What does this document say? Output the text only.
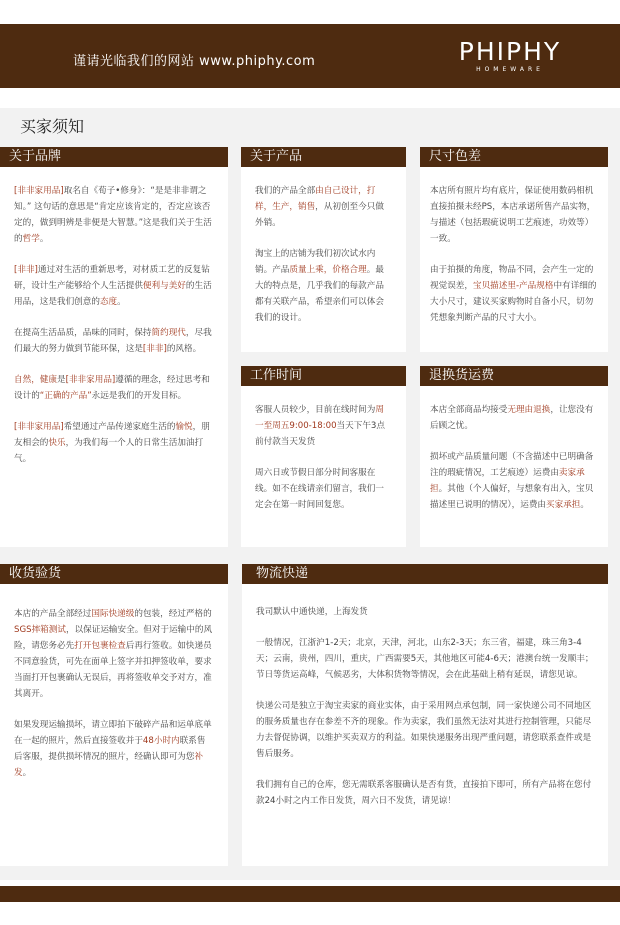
谨请光临我们的网站 www.phiphy.com	PHIPHY
HOMEWARE
买家须知
关于品牌

[非非家用品]取名自《荀子•修身》：“是是非非谓之知。” 这句话的意思是“肯定应该肯定的，否定应该否定的，做到明辨是非便是大智慧。”这是我们关于生活的哲学。

[非非]通过对生活的重新思考，对材质工艺的反复钻研，设计生产能够给个人生活提供便利与美好的生活用品，这是我们创意的态度。

在提高生活品质，品味的同时，保持简约现代，尽我们最大的努力做到节能环保，这是[非非]的风格。

自然，健康是[非非家用品]遵循的理念，经过思考和设计的“正确的产品”永远是我们的开发目标。

[非非家用品]希望通过产品传递家庭生活的愉悦，朋友相会的快乐，为我们每一个人的日常生活加油打气。

关于产品

我们的产品全部由自己设计，打样，生产，销售，从初创至今只做外销。

淘宝上的店铺为我们初次试水内销。产品质量上乘，价格合理。最大的特点是，几乎我们的每款产品都有关联产品，希望亲们可以体会我们的设计。

尺寸色差

本店所有照片均有底片，保证使用数码相机直接拍摄未经PS，本店承诺所售产品实物，与描述（包括瑕疵说明工艺痕迹，功效等）一致。

由于拍摄的角度，物品不同，会产生一定的视觉误差，宝贝描述里-产品规格中有详细的大小尺寸，建议买家购物时自备小尺，切勿凭想象判断产品的尺寸大小。

工作时间

客服人员较少，目前在线时间为周一至周五9:00-18:00当天下午3点前付款当天发货

周六日或节假日部分时间客服在线。如不在线请亲们留言，我们一定会在第一时间回复您。

退换货运费

本店全部商品均接受无理由退换，让您没有后顾之忧。

损坏或产品质量问题（不含描述中已明确备注的瑕疵情况，工艺痕迹）运费由卖家承担。其他（个人偏好，与想象有出入，宝贝描述里已说明的情况），运费由买家承担。

收货验货

本店的产品全部经过国际快递级的包装，经过严格的SGS摔箱测试，以保证运输安全。但对于运输中的风险，请您务必先打开包裹检查后再行签收。如快递员不同意验货，可先在面单上签字并扣押签收单，要求当面打开包裹确认无误后，再将签收单交予对方，准其离开。

如果发现运输损坏，请立即拍下破碎产品和运单底单在一起的照片，然后直接签收并于48小时内联系售后客服，提供损坏情况的照片，经确认即可为您补发。

物流快递

我司默认中通快递，上海发货

一般情况，江浙沪1-2天；北京，天津，河北，山东2-3天；东三省，福建，珠三角3-4天；云南，贵州，四川，重庆，广西需要5天，其他地区可能4-6天；港澳台统一发顺丰；节日等货运高峰，气候恶劣，大体积货物等情况，会在此基础上稍有延误，请您见谅。

快递公司是独立于淘宝卖家的商业实体，由于采用网点承包制，同一家快递公司不同地区的服务质量也存在参差不齐的现象。作为卖家，我们虽然无法对其进行控制管理，只能尽力去督促协调，以维护买卖双方的利益。如果快递服务出现严重问题，请您联系查件或是售后服务。

我们拥有自己的仓库，您无需联系客服确认是否有货，直接拍下即可，所有产品将在您付款24小时之内工作日发货，周六日不发货，请见谅！
